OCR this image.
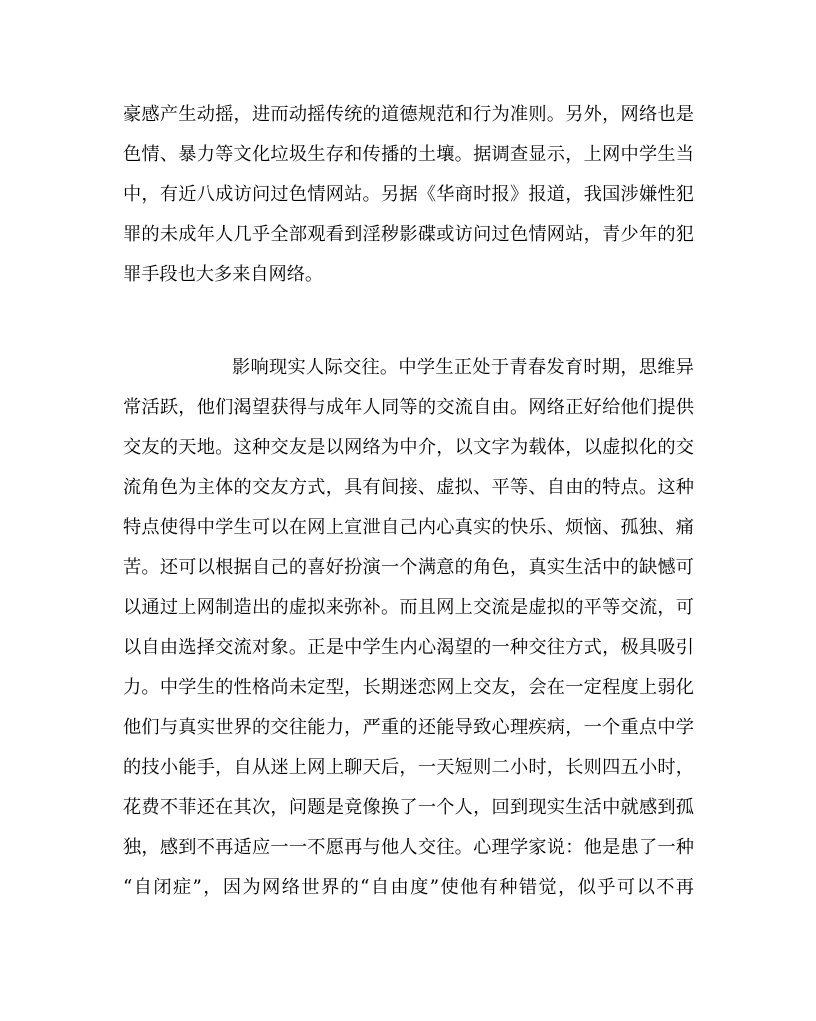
豪感产生动摇，进而动摇传统的道德规范和行为准则。另外，网络也是
色情、暴力等文化垃圾生存和传播的土壤。据调查显示，上网中学生当
中，有近八成访问过色情网站。另据《华商时报》报道，我国涉嫌性犯
罪的未成年人几乎全部观看到淫秽影碟或访问过色情网站，青少年的犯
罪手段也大多来自网络。
影响现实人际交往。中学生正处于青春发育时期，思维异
常活跃，他们渴望获得与成年人同等的交流自由。网络正好给他们提供
交友的天地。这种交友是以网络为中介，以文字为载体，以虚拟化的交
流角色为主体的交友方式，具有间接、虚拟、平等、自由的特点。这种
特点使得中学生可以在网上宣泄自己内心真实的快乐、烦恼、孤独、痛
苦。还可以根据自己的喜好扮演一个满意的角色，真实生活中的缺憾可
以通过上网制造出的虚拟来弥补。而且网上交流是虚拟的平等交流，可
以自由选择交流对象。正是中学生内心渴望的一种交往方式，极具吸引
力。中学生的性格尚未定型，长期迷恋网上交友，会在一定程度上弱化
他们与真实世界的交往能力，严重的还能导致心理疾病，一个重点中学
的技小能手，自从迷上网上聊天后，一天短则二小时，长则四五小时，
花费不菲还在其次，问题是竟像换了一个人，回到现实生活中就感到孤
独，感到不再适应一一不愿再与他人交往。心理学家说：他是患了一种
“自闭症”，因为网络世界的“自由度”使他有种错觉，似乎可以不再
